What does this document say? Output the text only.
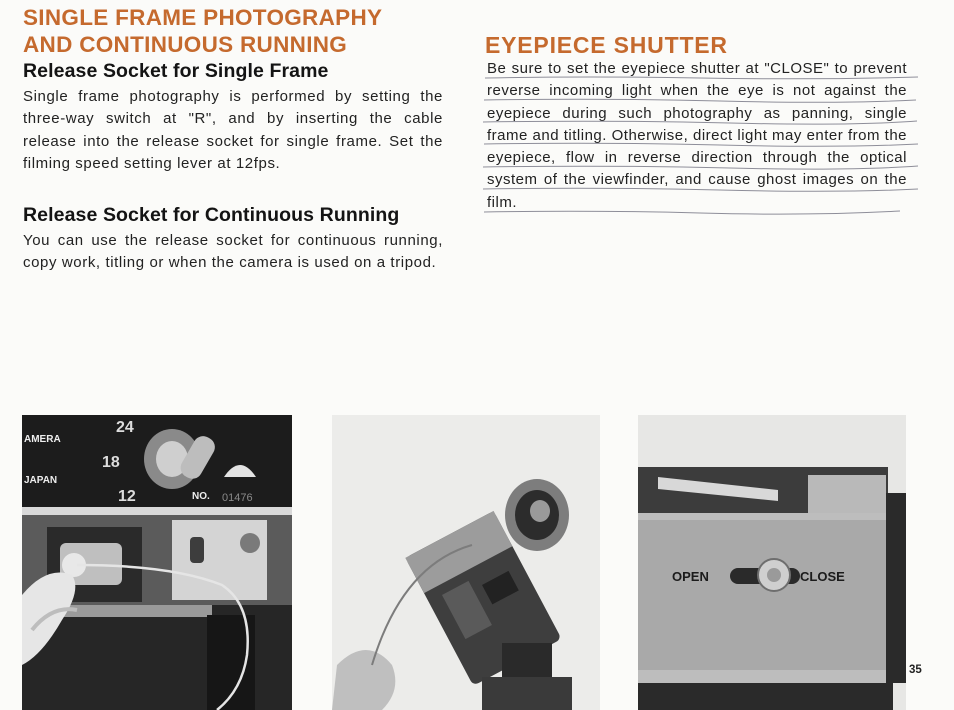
SINGLE FRAME PHOTOGRAPHY
AND CONTINUOUS RUNNING
Release Socket for Single Frame

Single frame photography is performed by setting the three-way switch at "R", and by inserting the cable release into the release socket for single frame. Set the filming speed setting lever at 12fps.

Release Socket for Continuous Running

You can use the release socket for continuous running, copy work, titling or when the camera is used on a tripod.

EYEPIECE SHUTTER

Be sure to set the eyepiece shutter at "CLOSE" to prevent reverse incoming light when the eye is not against the eyepiece during such photography as panning, single frame and titling. Otherwise, direct light may enter from the eyepiece, flow in reverse direction through the optical system of the viewfinder, and cause ghost images on the film.

AMERA
JAPAN
24
18
12	NO. 01476
OPEN	CLOSE
35
